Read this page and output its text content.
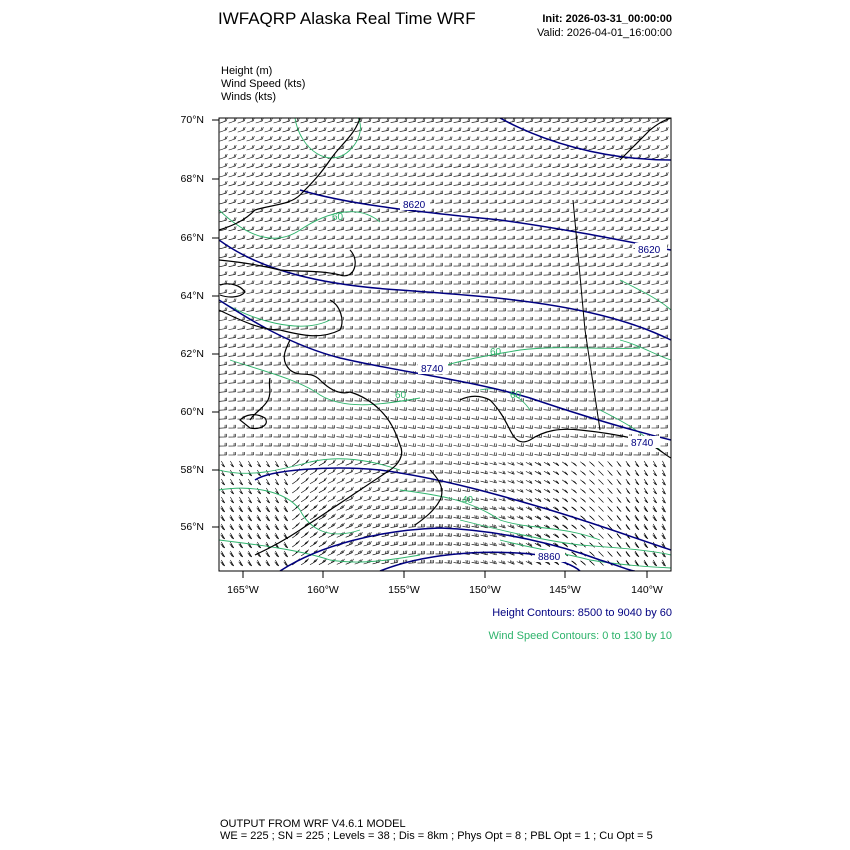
IWFAQRP Alaska Real Time WRF	Init: 2026-03-31_00:00:00
Valid: 2026-04-01_16:00:00
Height (m)
Wind Speed (kts)
Winds (kts)
70°N
68°N
66°N
64°N
62°N
60°N
58°N
56°N
165°W	160°W	155°W	150°W	145°W	140°W
8620
8620
8740
8740
8860
60
60
60
60
40
Height Contours: 8500 to 9040 by 60
Wind Speed Contours: 0 to 130 by 10
OUTPUT FROM WRF V4.6.1 MODEL
WE = 225 ; SN = 225 ; Levels = 38 ; Dis = 8km ; Phys Opt = 8 ; PBL Opt = 1 ; Cu Opt = 5
